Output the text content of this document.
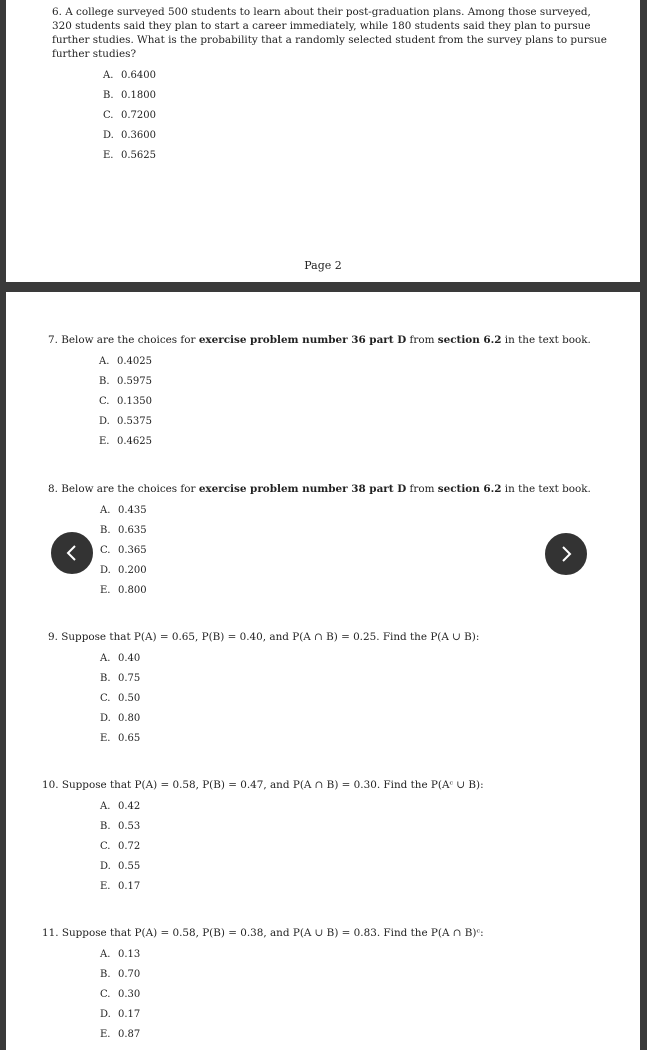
6. A college surveyed 500 students to learn about their post-graduation plans. Among those surveyed, 320 students said they plan to start a career immediately, while 180 students said they plan to pursue further studies. What is the probability that a randomly selected student from the survey plans to pursue further studies?

A. 0.6400
B. 0.1800
C. 0.7200
D. 0.3600
E. 0.5625
Page 2

7. Below are the choices for exercise problem number 36 part D from section 6.2 in the text book.

A. 0.4025
B. 0.5975
C. 0.1350
D. 0.5375
E. 0.4625

8. Below are the choices for exercise problem number 38 part D from section 6.2 in the text book.

A. 0.435
B. 0.635
C. 0.365
D. 0.200
E. 0.800

9. Suppose that P(A) = 0.65, P(B) = 0.40, and P(A ∩ B) = 0.25. Find the P(A ∪ B):

A. 0.40
B. 0.75
C. 0.50
D. 0.80
E. 0.65

10. Suppose that P(A) = 0.58, P(B) = 0.47, and P(A ∩ B) = 0.30. Find the P(Aᶜ ∪ B):

A. 0.42
B. 0.53
C. 0.72
D. 0.55
E. 0.17

11. Suppose that P(A) = 0.58, P(B) = 0.38, and P(A ∪ B) = 0.83. Find the P(A ∩ B)ᶜ:

A. 0.13
B. 0.70
C. 0.30
D. 0.17
E. 0.87
